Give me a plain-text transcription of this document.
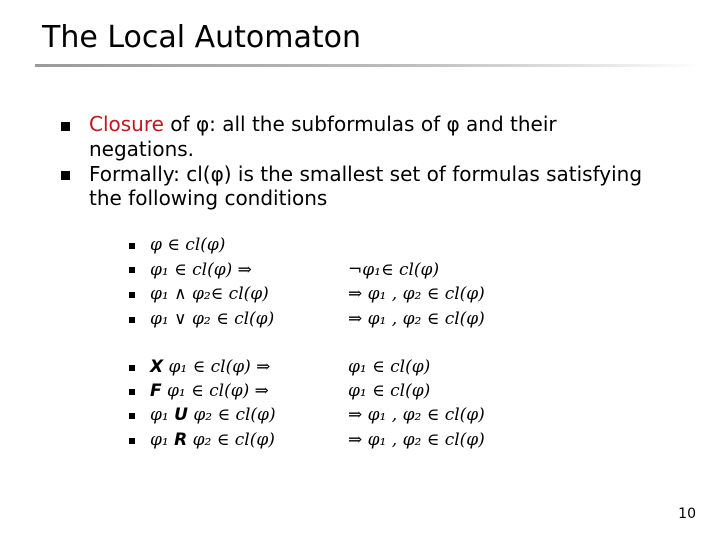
The Local Automaton
Closure of φ: all the subformulas of φ and their
negations.
Formally: cl(φ) is the smallest set of formulas satisfying
the following conditions
φ ∈ cl(φ)
φ₁ ∈ cl(φ) ⇒	¬φ₁∈ cl(φ)
φ₁ ∧ φ₂∈ cl(φ)	⇒ φ₁ , φ₂ ∈ cl(φ)
φ₁ ∨ φ₂ ∈ cl(φ)	⇒ φ₁ , φ₂ ∈ cl(φ)
X φ₁ ∈ cl(φ) ⇒	φ₁ ∈ cl(φ)
F φ₁ ∈ cl(φ) ⇒	φ₁ ∈ cl(φ)
φ₁ U φ₂ ∈ cl(φ)	⇒ φ₁ , φ₂ ∈ cl(φ)
φ₁ R φ₂ ∈ cl(φ)	⇒ φ₁ , φ₂ ∈ cl(φ)
10
